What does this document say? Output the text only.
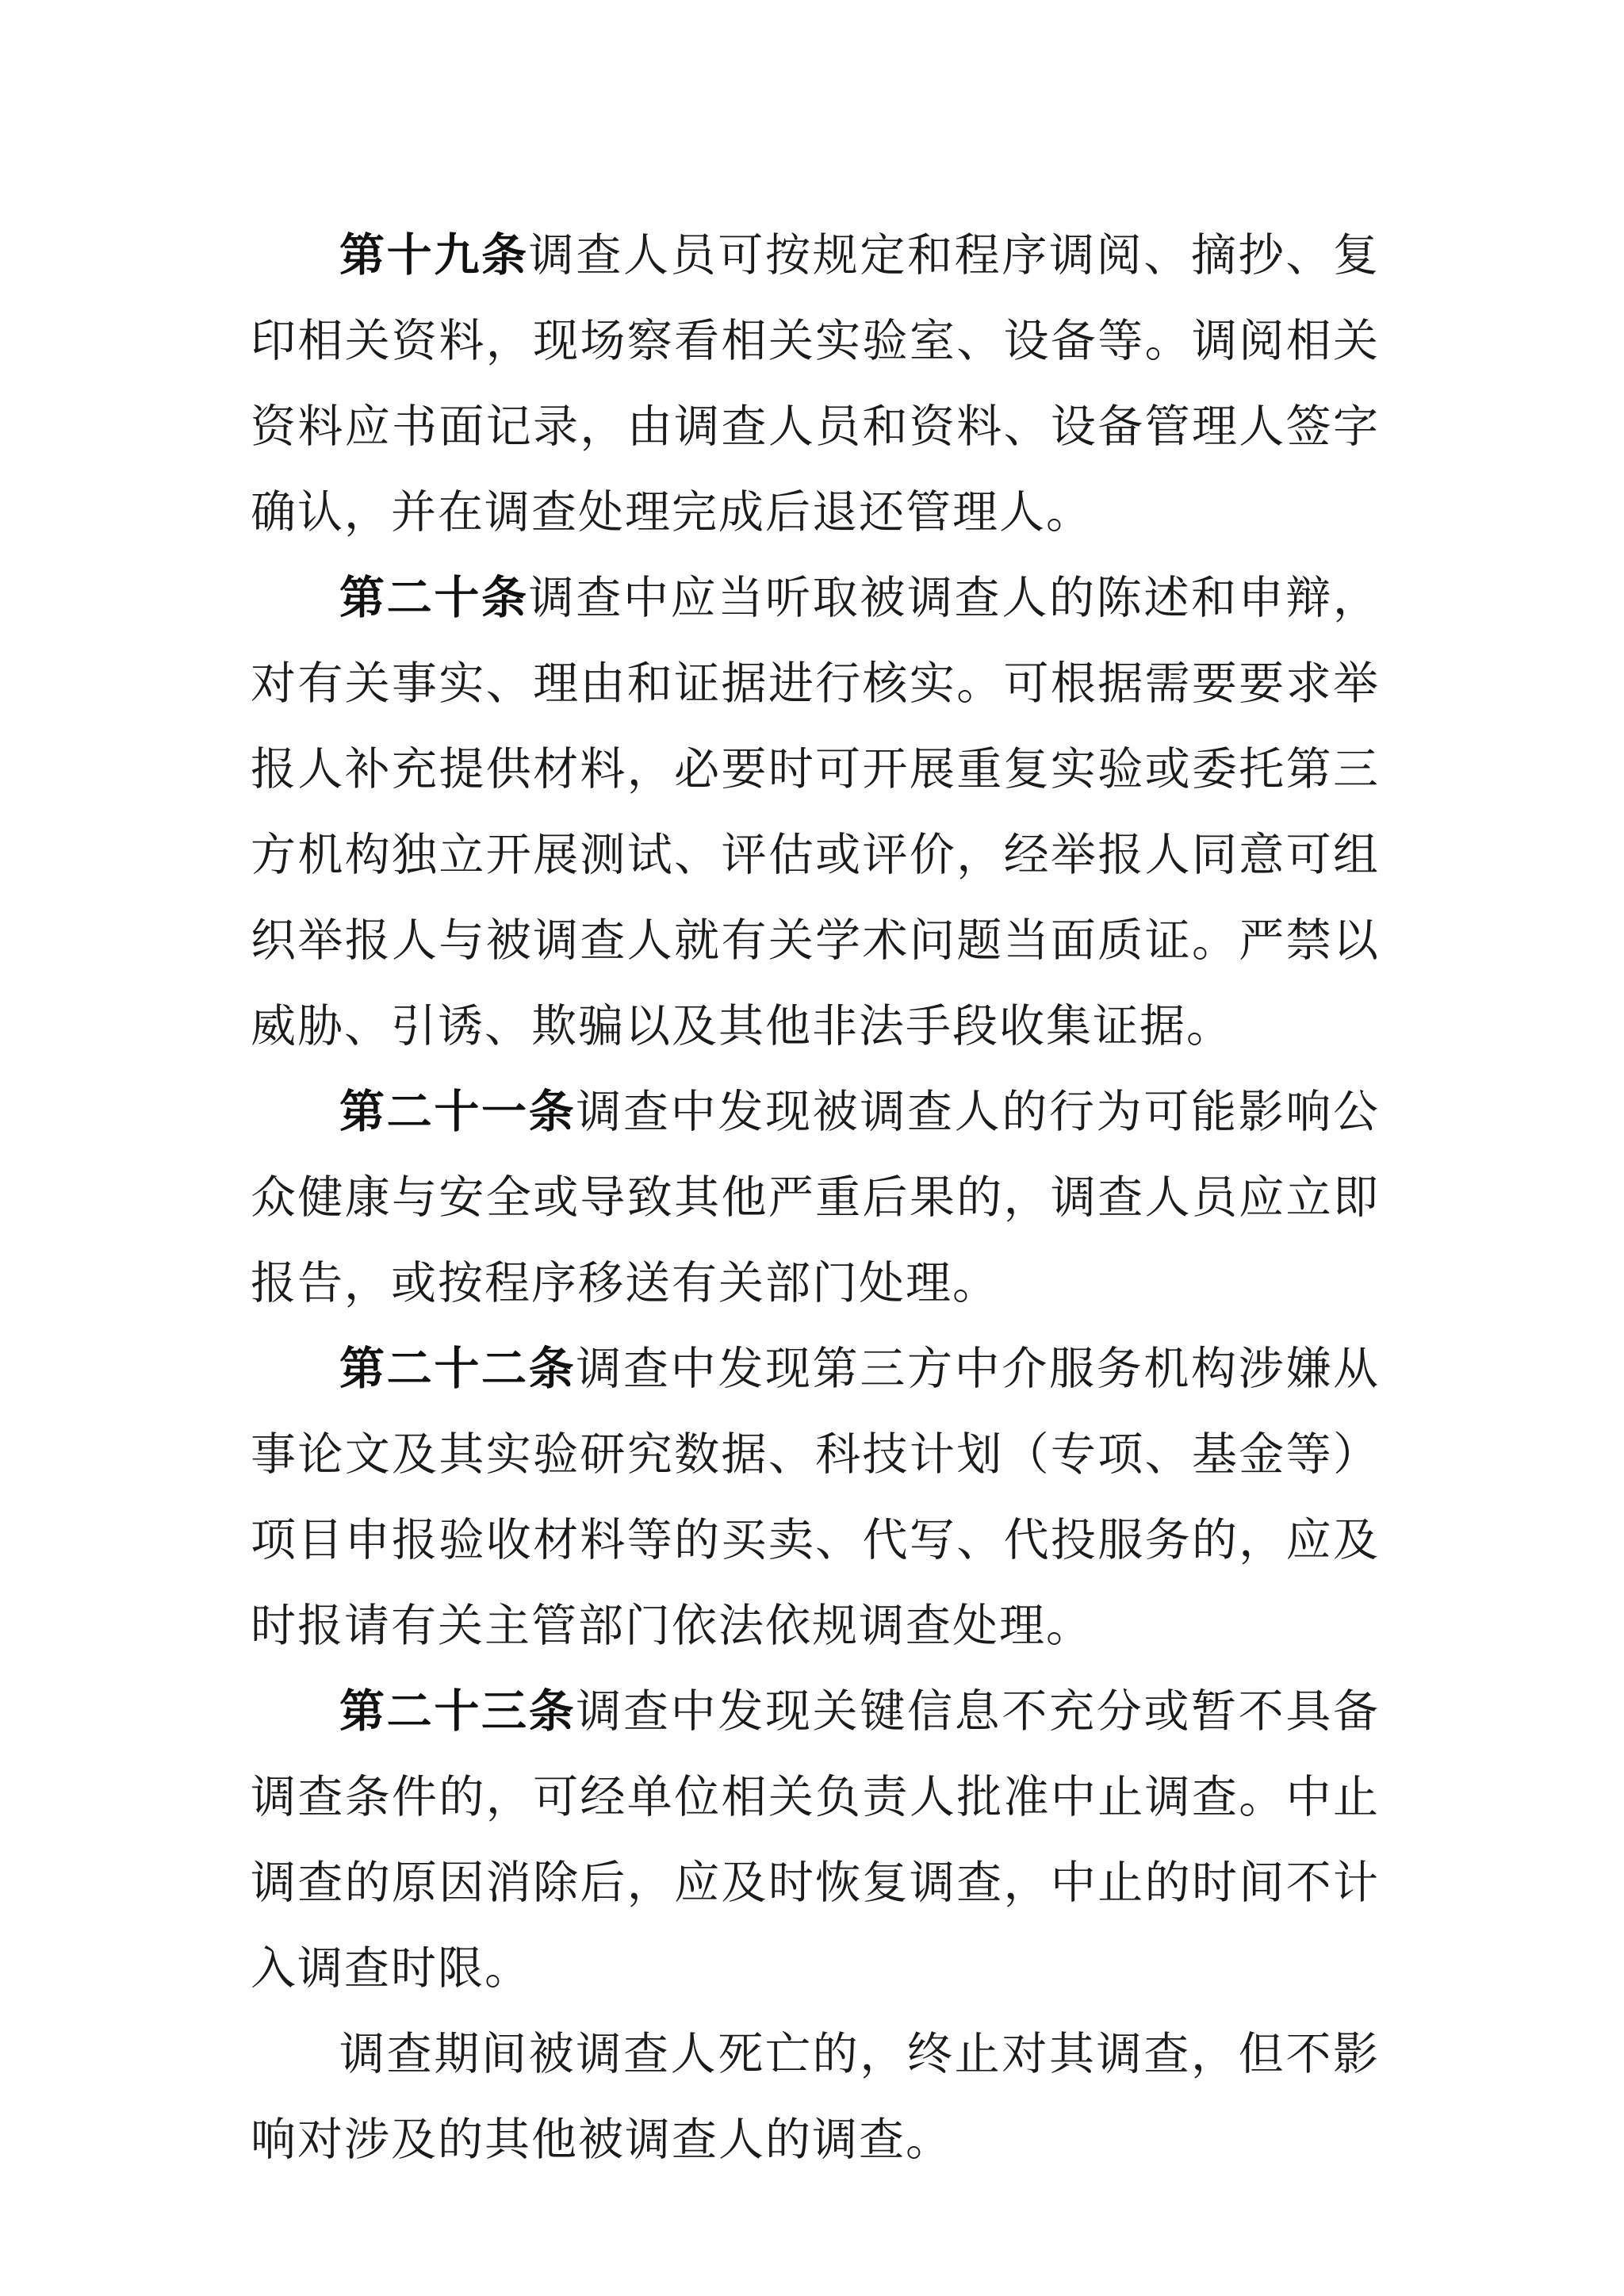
第十九条调查人员可按规定和程序调阅、摘抄、复印相关资料，现场察看相关实验室、设备等。调阅相关资料应书面记录，由调查人员和资料、设备管理人签字确认，并在调查处理完成后退还管理人。

第二十条调查中应当听取被调查人的陈述和申辩，对有关事实、理由和证据进行核实。可根据需要要求举报人补充提供材料，必要时可开展重复实验或委托第三方机构独立开展测试、评估或评价，经举报人同意可组织举报人与被调查人就有关学术问题当面质证。严禁以威胁、引诱、欺骗以及其他非法手段收集证据。

第二十一条调查中发现被调查人的行为可能影响公众健康与安全或导致其他严重后果的，调查人员应立即报告，或按程序移送有关部门处理。

第二十二条调查中发现第三方中介服务机构涉嫌从事论文及其实验研究数据、科技计划（专项、基金等）项目申报验收材料等的买卖、代写、代投服务的，应及时报请有关主管部门依法依规调查处理。

第二十三条调查中发现关键信息不充分或暂不具备调查条件的，可经单位相关负责人批准中止调查。中止调查的原因消除后，应及时恢复调查，中止的时间不计入调查时限。

调查期间被调查人死亡的，终止对其调查，但不影响对涉及的其他被调查人的调查。
